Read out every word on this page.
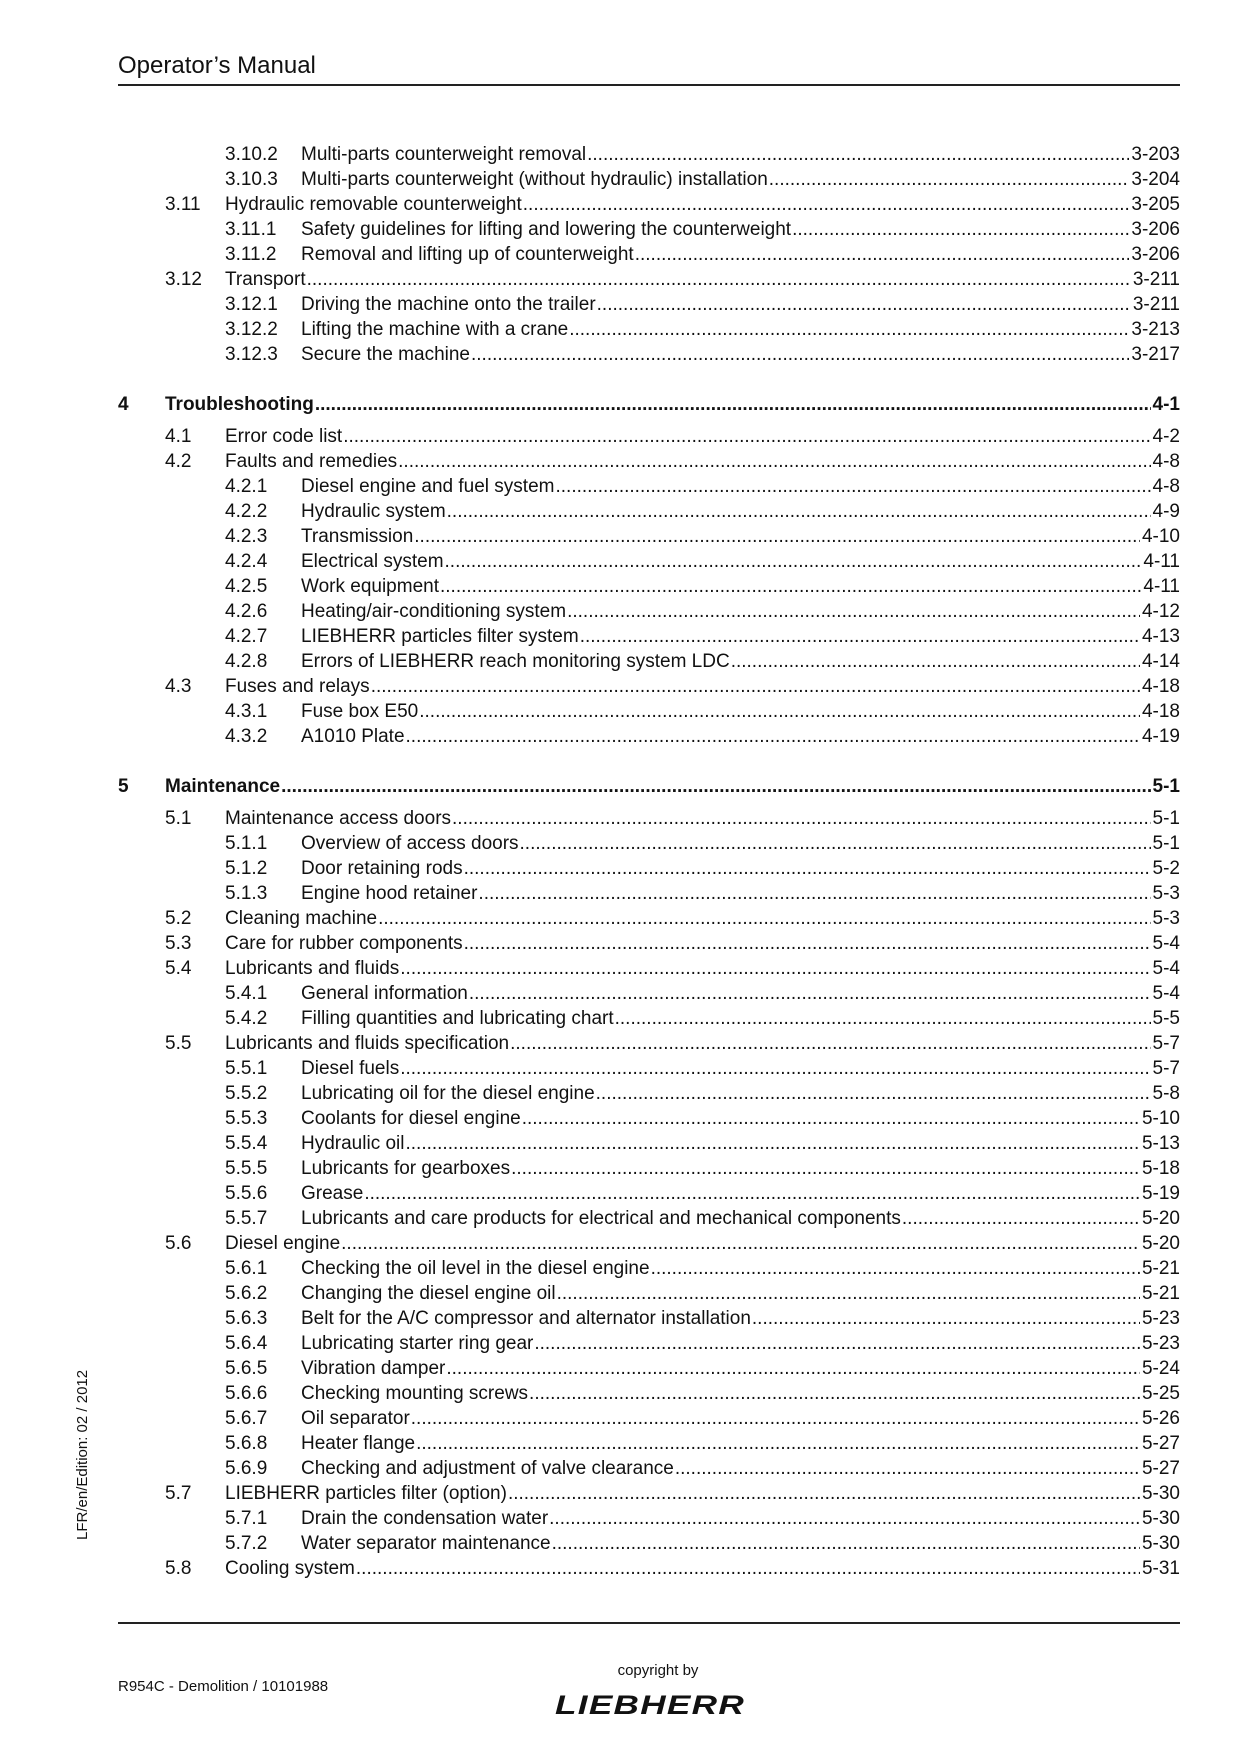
Operator’s Manual
3.10.2 Multi-parts counterweight removal .....	3-203
3.10.3 Multi-parts counterweight (without hydraulic) installation .....	3-204
3.11 Hydraulic removable counterweight .....	3-205
3.11.1 Safety guidelines for lifting and lowering the counterweight .....	3-206
3.11.2 Removal and lifting up of counterweight .....	3-206
3.12 Transport .....	3-211
3.12.1 Driving the machine onto the trailer .....	3-211
3.12.2 Lifting the machine with a crane .....	3-213
3.12.3 Secure the machine .....	3-217
4 Troubleshooting .....	4-1
4.1 Error code list .....	4-2
4.2 Faults and remedies .....	4-8
4.2.1 Diesel engine and fuel system .....	4-8
4.2.2 Hydraulic system .....	4-9
4.2.3 Transmission .....	4-10
4.2.4 Electrical system .....	4-11
4.2.5 Work equipment .....	4-11
4.2.6 Heating/air-conditioning system .....	4-12
4.2.7 LIEBHERR particles filter system .....	4-13
4.2.8 Errors of LIEBHERR reach monitoring system LDC .....	4-14
4.3 Fuses and relays .....	4-18
4.3.1 Fuse box E50 .....	4-18
4.3.2 A1010 Plate .....	4-19
5 Maintenance .....	5-1
5.1 Maintenance access doors .....	5-1
5.1.1 Overview of access doors .....	5-1
5.1.2 Door retaining rods .....	5-2
5.1.3 Engine hood retainer .....	5-3
5.2 Cleaning machine .....	5-3
5.3 Care for rubber components .....	5-4
5.4 Lubricants and fluids .....	5-4
5.4.1 General information .....	5-4
5.4.2 Filling quantities and lubricating chart .....	5-5
5.5 Lubricants and fluids specification .....	5-7
5.5.1 Diesel fuels .....	5-7
5.5.2 Lubricating oil for the diesel engine .....	5-8
5.5.3 Coolants for diesel engine .....	5-10
5.5.4 Hydraulic oil .....	5-13
5.5.5 Lubricants for gearboxes .....	5-18
5.5.6 Grease .....	5-19
5.5.7 Lubricants and care products for electrical and mechanical components .....	5-20
5.6 Diesel engine .....	5-20
5.6.1 Checking the oil level in the diesel engine .....	5-21
5.6.2 Changing the diesel engine oil .....	5-21
5.6.3 Belt for the A/C compressor and alternator installation .....	5-23
5.6.4 Lubricating starter ring gear .....	5-23
5.6.5 Vibration damper .....	5-24
5.6.6 Checking mounting screws .....	5-25
5.6.7 Oil separator .....	5-26
5.6.8 Heater flange .....	5-27
5.6.9 Checking and adjustment of valve clearance .....	5-27
5.7 LIEBHERR particles filter (option) .....	5-30
5.7.1 Drain the condensation water .....	5-30
5.7.2 Water separator maintenance .....	5-30
5.8 Cooling system .....	5-31
LFR/en/Edition: 02 / 2012
R954C - Demolition / 10101988
copyright by
LIEBHERR
